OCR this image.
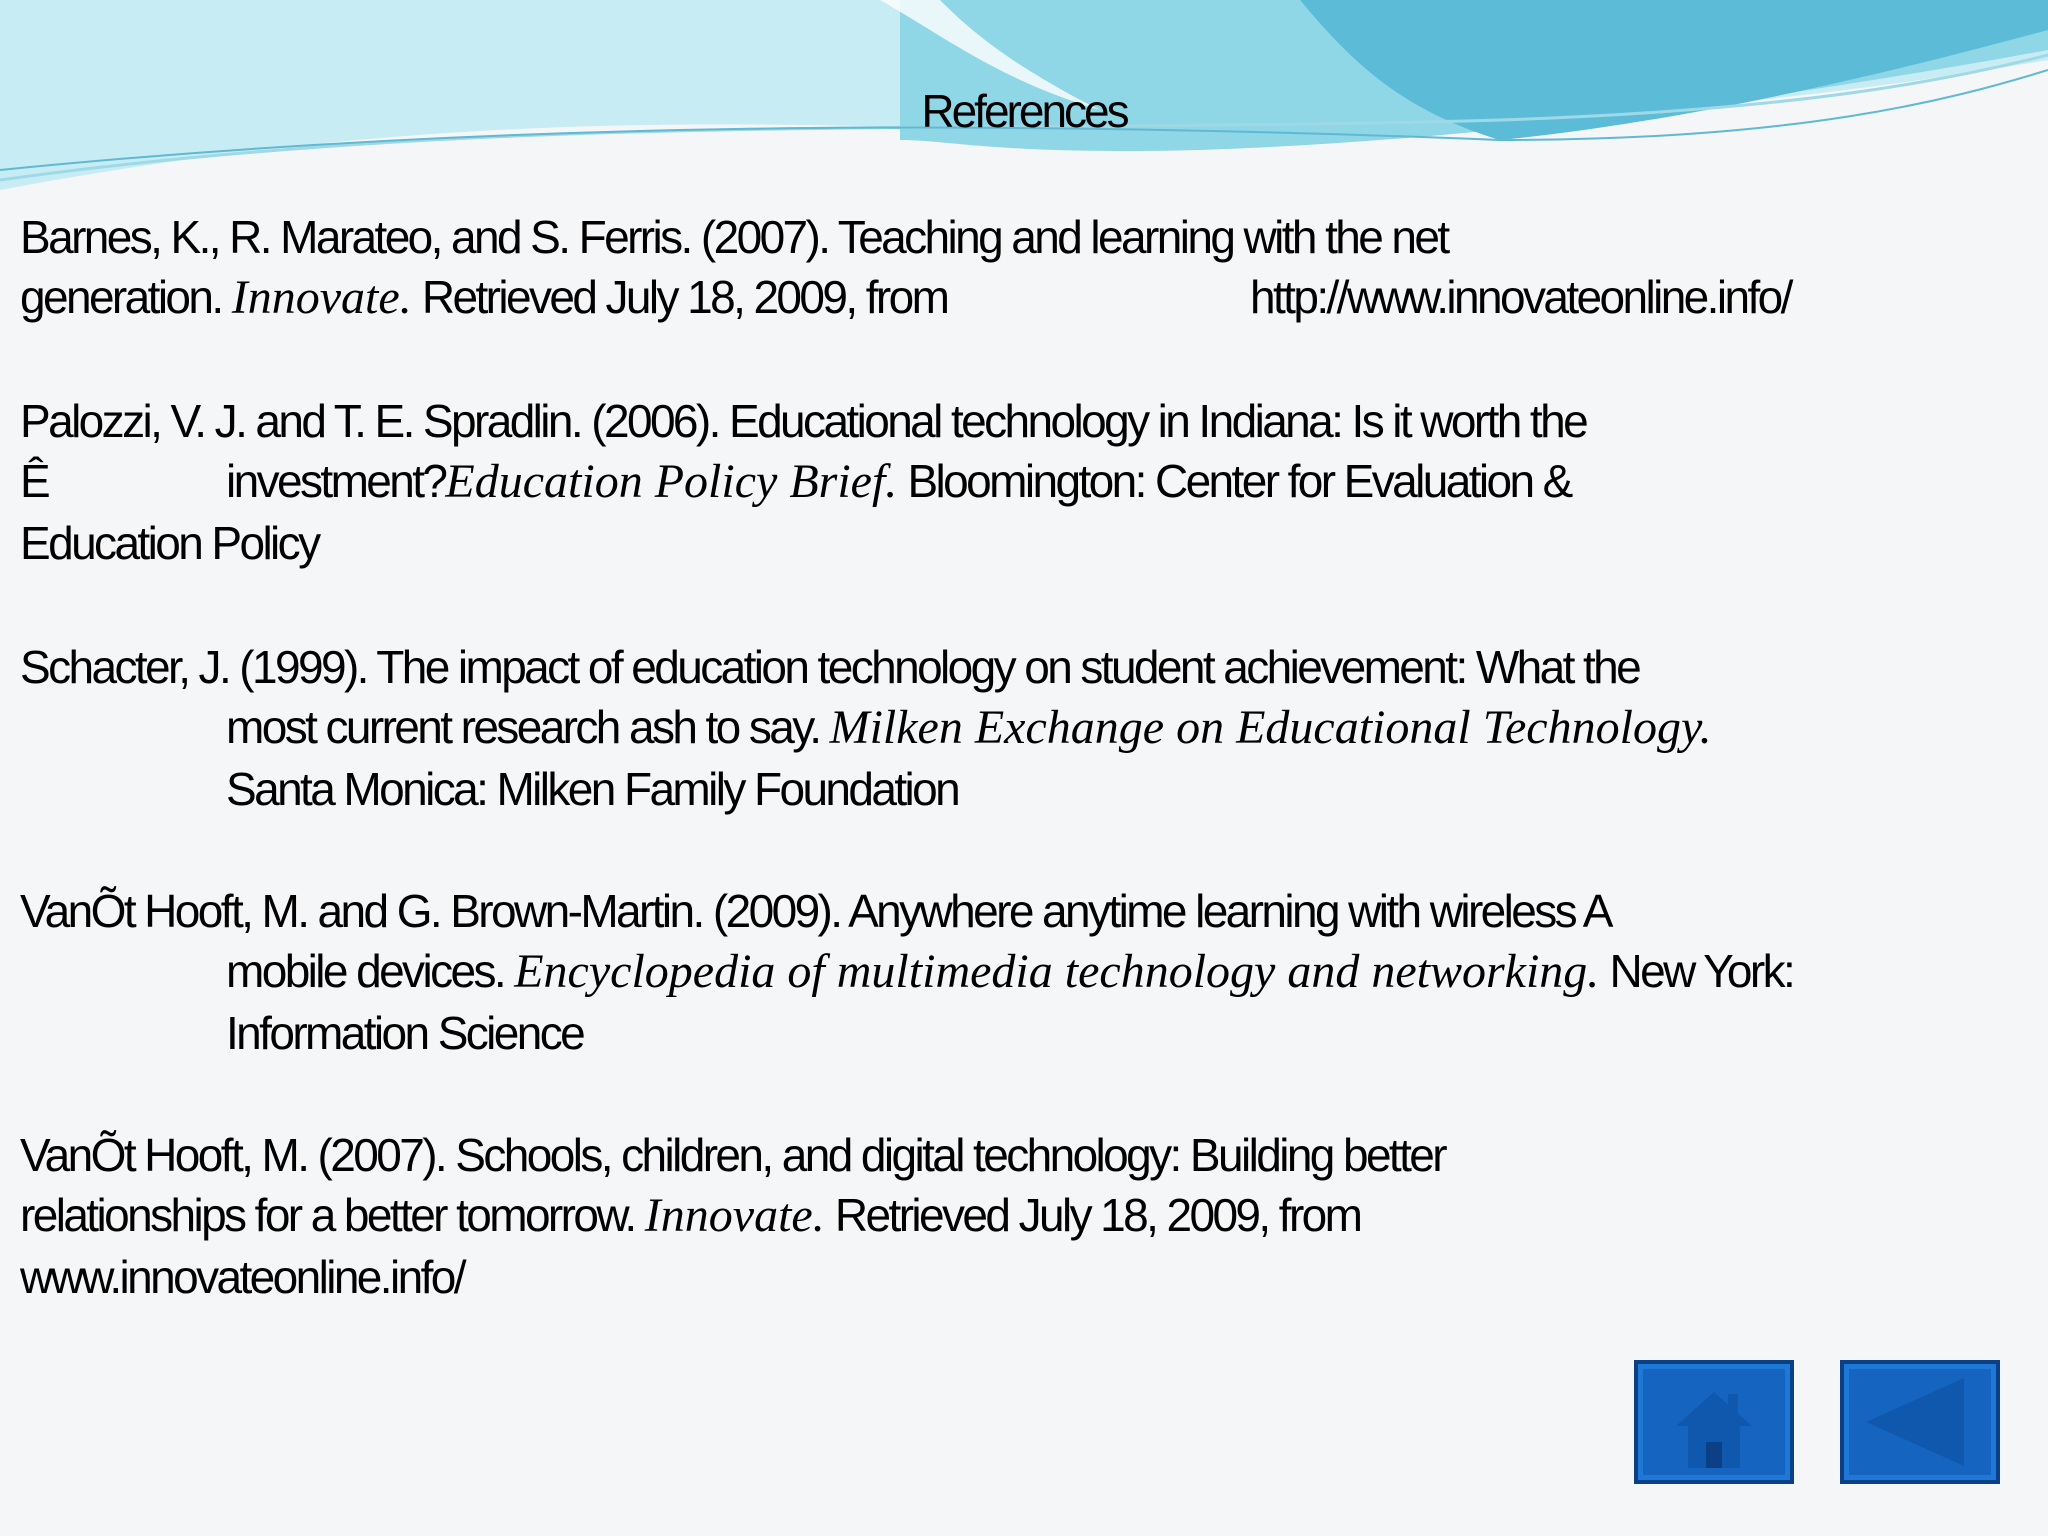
References
Barnes, K., R. Marateo, and S. Ferris. (2007). Teaching and learning with the net
generation. Innovate. Retrieved July 18, 2009, from	http://www.innovateonline.info/
Palozzi, V. J. and T. E. Spradlin. (2006). Educational technology in Indiana: Is it worth the
Ê	investment?Education Policy Brief. Bloomington: Center for Evaluation &
Education Policy
Schacter, J. (1999). The impact of education technology on student achievement: What the
most current research ash to say. Milken Exchange on Educational Technology.
Santa Monica: Milken Family Foundation
VanÕt Hooft, M. and G. Brown-Martin. (2009). Anywhere anytime learning with wireless A
mobile devices. Encyclopedia of multimedia technology and networking. New York:
Information Science
VanÕt Hooft, M. (2007). Schools, children, and digital technology: Building better
relationships for a better tomorrow. Innovate. Retrieved July 18, 2009, from
www.innovateonline.info/
